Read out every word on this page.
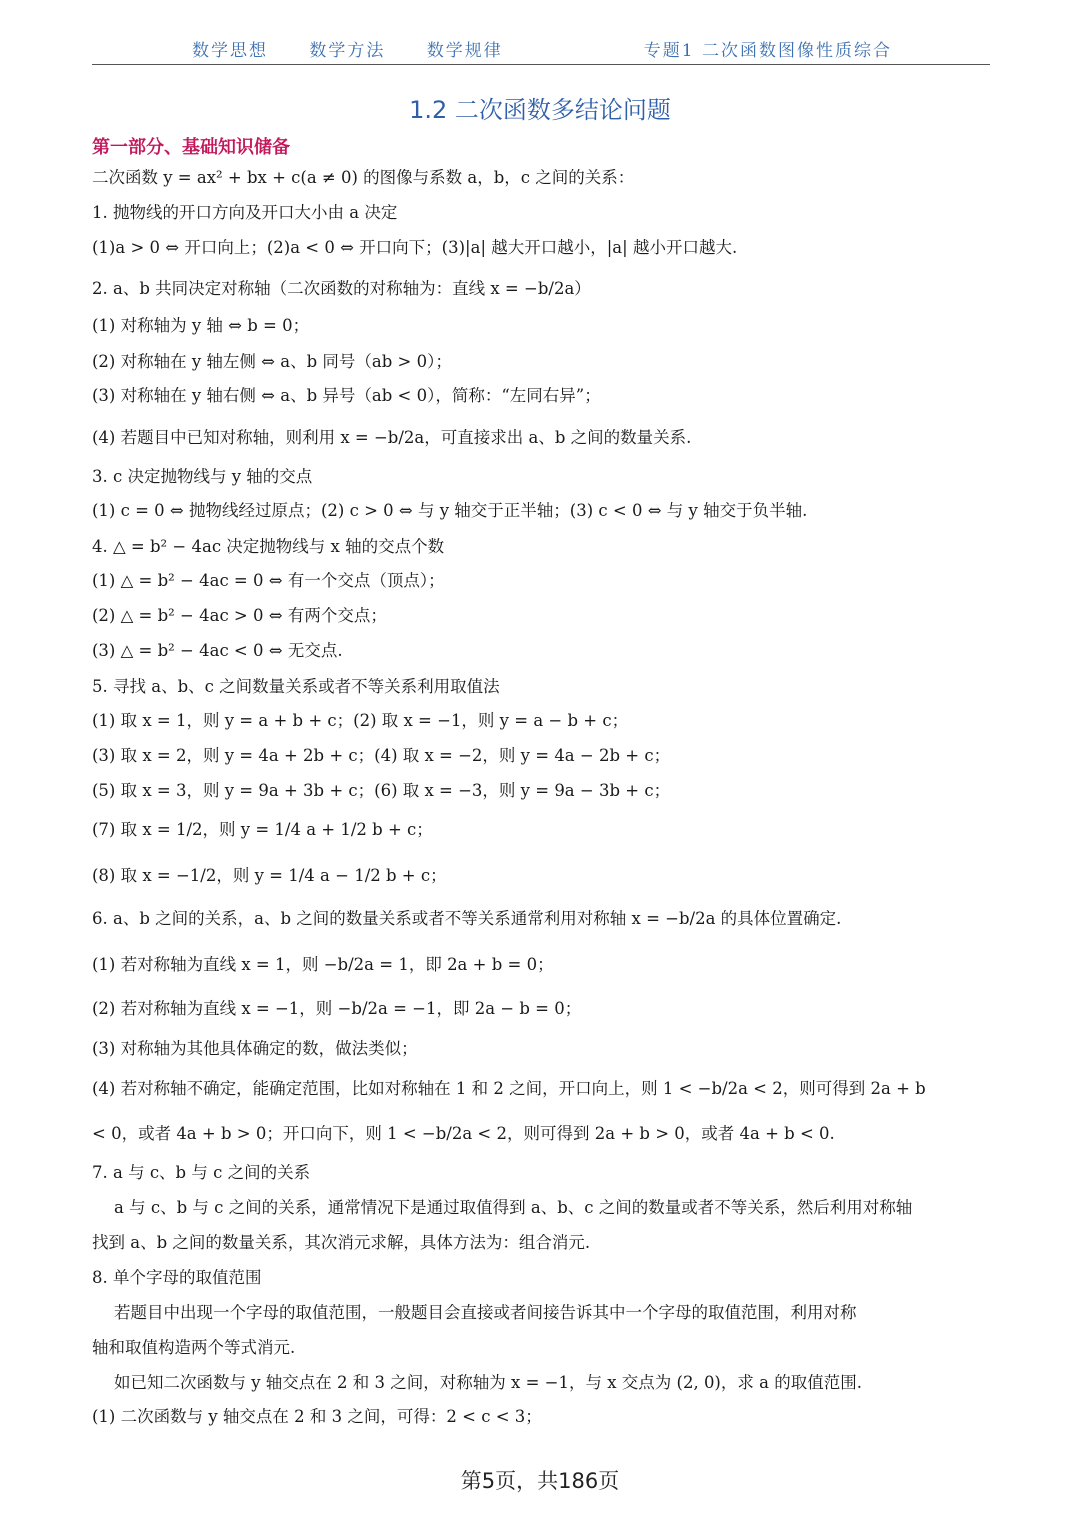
数学思想 数学方法 数学规律	专题1 二次函数图像性质综合
1.2 二次函数多结论问题
第一部分、基础知识储备
二次函数 y = ax² + bx + c(a ≠ 0) 的图像与系数 a，b，c 之间的关系：
1. 抛物线的开口方向及开口大小由 a 决定
(1)a > 0 ⇔ 开口向上；(2)a < 0 ⇔ 开口向下；(3)|a| 越大开口越小，|a| 越小开口越大.
2. a、b 共同决定对称轴（二次函数的对称轴为：直线 x = −b/2a）
(1) 对称轴为 y 轴 ⇔ b = 0；
(2) 对称轴在 y 轴左侧 ⇔ a、b 同号（ab > 0）；
(3) 对称轴在 y 轴右侧 ⇔ a、b 异号（ab < 0），简称：“左同右异”；
(4) 若题目中已知对称轴，则利用 x = −b/2a，可直接求出 a、b 之间的数量关系.
3. c 决定抛物线与 y 轴的交点
(1) c = 0 ⇔ 抛物线经过原点；(2) c > 0 ⇔ 与 y 轴交于正半轴；(3) c < 0 ⇔ 与 y 轴交于负半轴.
4. △ = b² − 4ac 决定抛物线与 x 轴的交点个数
(1) △ = b² − 4ac = 0 ⇔ 有一个交点（顶点）；
(2) △ = b² − 4ac > 0 ⇔ 有两个交点；
(3) △ = b² − 4ac < 0 ⇔ 无交点.
5. 寻找 a、b、c 之间数量关系或者不等关系利用取值法
(1) 取 x = 1，则 y = a + b + c；(2) 取 x = −1，则 y = a − b + c；
(3) 取 x = 2，则 y = 4a + 2b + c；(4) 取 x = −2，则 y = 4a − 2b + c；
(5) 取 x = 3，则 y = 9a + 3b + c；(6) 取 x = −3，则 y = 9a − 3b + c；
(7) 取 x = 1/2，则 y = 1/4 a + 1/2 b + c；
(8) 取 x = −1/2，则 y = 1/4 a − 1/2 b + c；
6. a、b 之间的关系，a、b 之间的数量关系或者不等关系通常利用对称轴 x = −b/2a 的具体位置确定.
(1) 若对称轴为直线 x = 1，则 −b/2a = 1，即 2a + b = 0；
(2) 若对称轴为直线 x = −1，则 −b/2a = −1，即 2a − b = 0；
(3) 对称轴为其他具体确定的数，做法类似；
(4) 若对称轴不确定，能确定范围，比如对称轴在 1 和 2 之间，开口向上，则 1 < −b/2a < 2，则可得到 2a + b
< 0，或者 4a + b > 0；开口向下，则 1 < −b/2a < 2，则可得到 2a + b > 0，或者 4a + b < 0.
7. a 与 c、b 与 c 之间的关系
a 与 c、b 与 c 之间的关系，通常情况下是通过取值得到 a、b、c 之间的数量或者不等关系，然后利用对称轴
找到 a、b 之间的数量关系，其次消元求解，具体方法为：组合消元.
8. 单个字母的取值范围
若题目中出现一个字母的取值范围，一般题目会直接或者间接告诉其中一个字母的取值范围，利用对称
轴和取值构造两个等式消元.
如已知二次函数与 y 轴交点在 2 和 3 之间，对称轴为 x = −1，与 x 交点为 (2, 0)，求 a 的取值范围.
(1) 二次函数与 y 轴交点在 2 和 3 之间，可得：2 < c < 3；
第5页，共186页
